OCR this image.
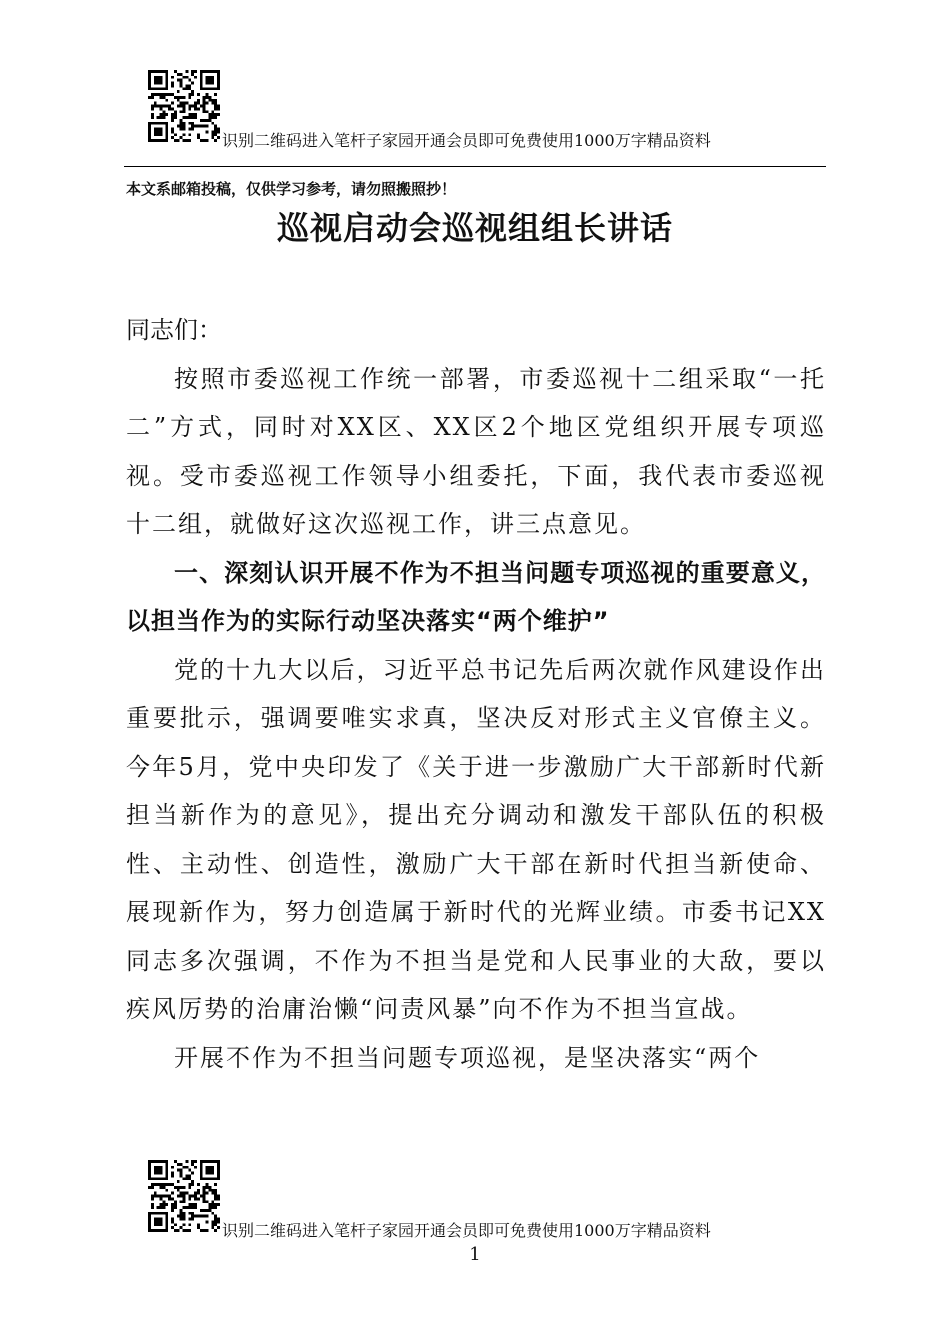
识别二维码进入笔杆子家园开通会员即可免费使用1000万字精品资料
本文系邮箱投稿，仅供学习参考，请勿照搬照抄！
巡视启动会巡视组组长讲话

同志们：

按照市委巡视工作统一部署，市委巡视十二组采取“一托二”方式，同时对XX区、XX区2个地区党组织开展专项巡视。受市委巡视工作领导小组委托，下面，我代表市委巡视十二组，就做好这次巡视工作，讲三点意见。

一、深刻认识开展不作为不担当问题专项巡视的重要意义，以担当作为的实际行动坚决落实“两个维护”

党的十九大以后，习近平总书记先后两次就作风建设作出重要批示，强调要唯实求真，坚决反对形式主义官僚主义。今年5月，党中央印发了《关于进一步激励广大干部新时代新担当新作为的意见》，提出充分调动和激发干部队伍的积极性、主动性、创造性，激励广大干部在新时代担当新使命、展现新作为，努力创造属于新时代的光辉业绩。市委书记XX同志多次强调，不作为不担当是党和人民事业的大敌，要以疾风厉势的治庸治懒“问责风暴”向不作为不担当宣战。

开展不作为不担当问题专项巡视，是坚决落实“两个

识别二维码进入笔杆子家园开通会员即可免费使用1000万字精品资料
1
